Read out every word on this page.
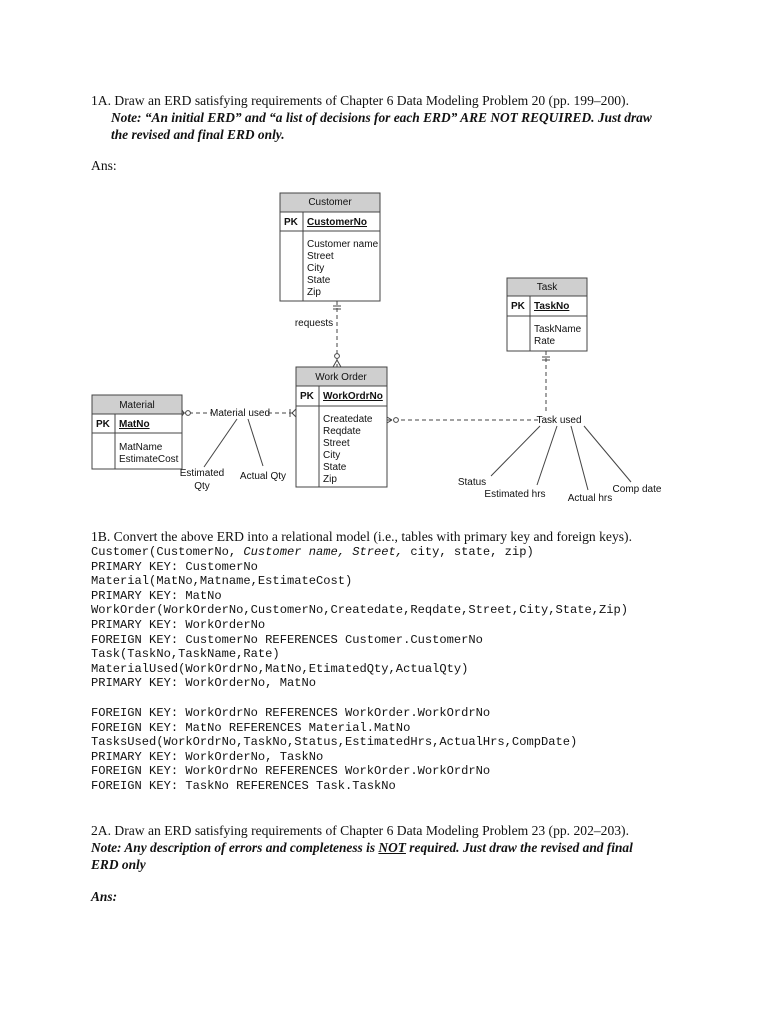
1A. Draw an ERD satisfying requirements of Chapter 6 Data Modeling Problem 20 (pp. 199–200).

Note: “An initial ERD” and “a list of decisions for each ERD” ARE NOT REQUIRED. Just draw

the revised and final ERD only.

Ans:

Customer
PK CustomerNo
Customer name
Street
City
State
Zip	Task
PK TaskNo
TaskName
Rate
Material
PK MatNo
MatName
EstimateCost
Work Order
PK WorkOrdrNo
Createdate
Reqdate
Street
City
State
Zip
requests
Material used
Task used
Estimated
Qty
Actual Qty
Status
Estimated hrs Actual hrs
Comp date

1B. Convert the above ERD into a relational model (i.e., tables with primary key and foreign keys).

Customer(CustomerNo, Customer name, Street, city, state, zip)

PRIMARY KEY: CustomerNo

Material(MatNo,Matname,EstimateCost)

PRIMARY KEY: MatNo

WorkOrder(WorkOrderNo,CustomerNo,Createdate,Reqdate,Street,City,State,Zip)

PRIMARY KEY: WorkOrderNo

FOREIGN KEY: CustomerNo REFERENCES Customer.CustomerNo

Task(TaskNo,TaskName,Rate)

MaterialUsed(WorkOrdrNo,MatNo,EtimatedQty,ActualQty)

PRIMARY KEY: WorkOrderNo, MatNo

FOREIGN KEY: WorkOrdrNo REFERENCES WorkOrder.WorkOrdrNo

FOREIGN KEY: MatNo REFERENCES Material.MatNo

TasksUsed(WorkOrdrNo,TaskNo,Status,EstimatedHrs,ActualHrs,CompDate)

PRIMARY KEY: WorkOrderNo, TaskNo

FOREIGN KEY: WorkOrdrNo REFERENCES WorkOrder.WorkOrdrNo

FOREIGN KEY: TaskNo REFERENCES Task.TaskNo

2A. Draw an ERD satisfying requirements of Chapter 6 Data Modeling Problem 23 (pp. 202–203).

Note: Any description of errors and completeness is NOT required. Just draw the revised and final

ERD only

Ans:
